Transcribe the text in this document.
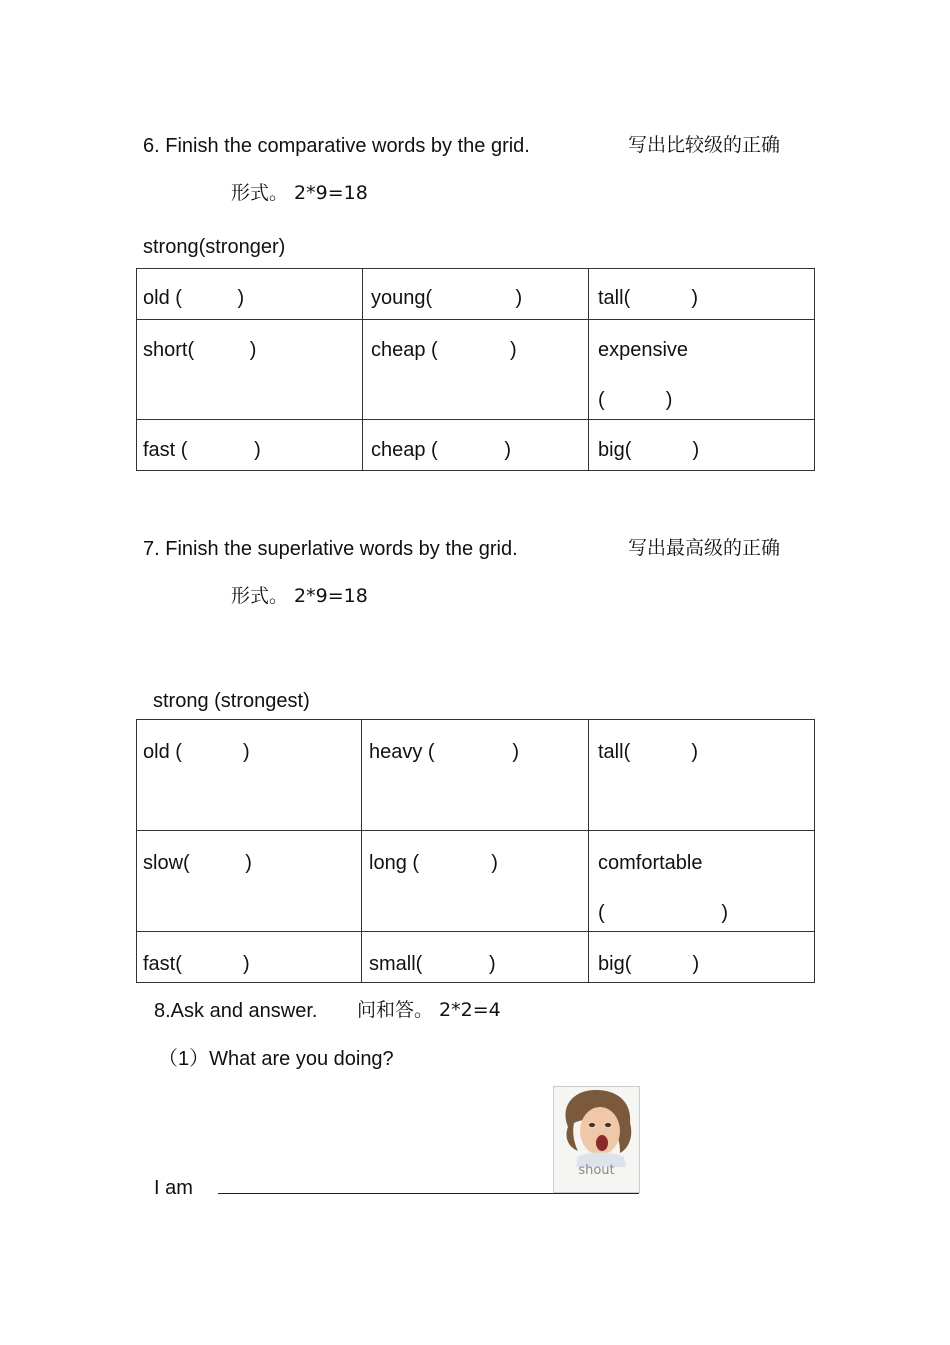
6. Finish the comparative words by the grid.	写出比较级的正确
形式。 2*9=18
strong(stronger)
old (          )	young(               )	tall(           )

short(          )	cheap (             )	expensive

(           )

fast (            )	cheap (            )	big(           )
7. Finish the superlative words by the grid.	写出最高级的正确
形式。 2*9=18
strong (strongest)
old (           )	heavy (              )	tall(           )

slow(          )	long (             )	comfortable

(                     )

fast(           )	small(            )	big(           )
8.Ask and answer. 问和答。 2*2=4
（1）What are you doing?
shout
I am
